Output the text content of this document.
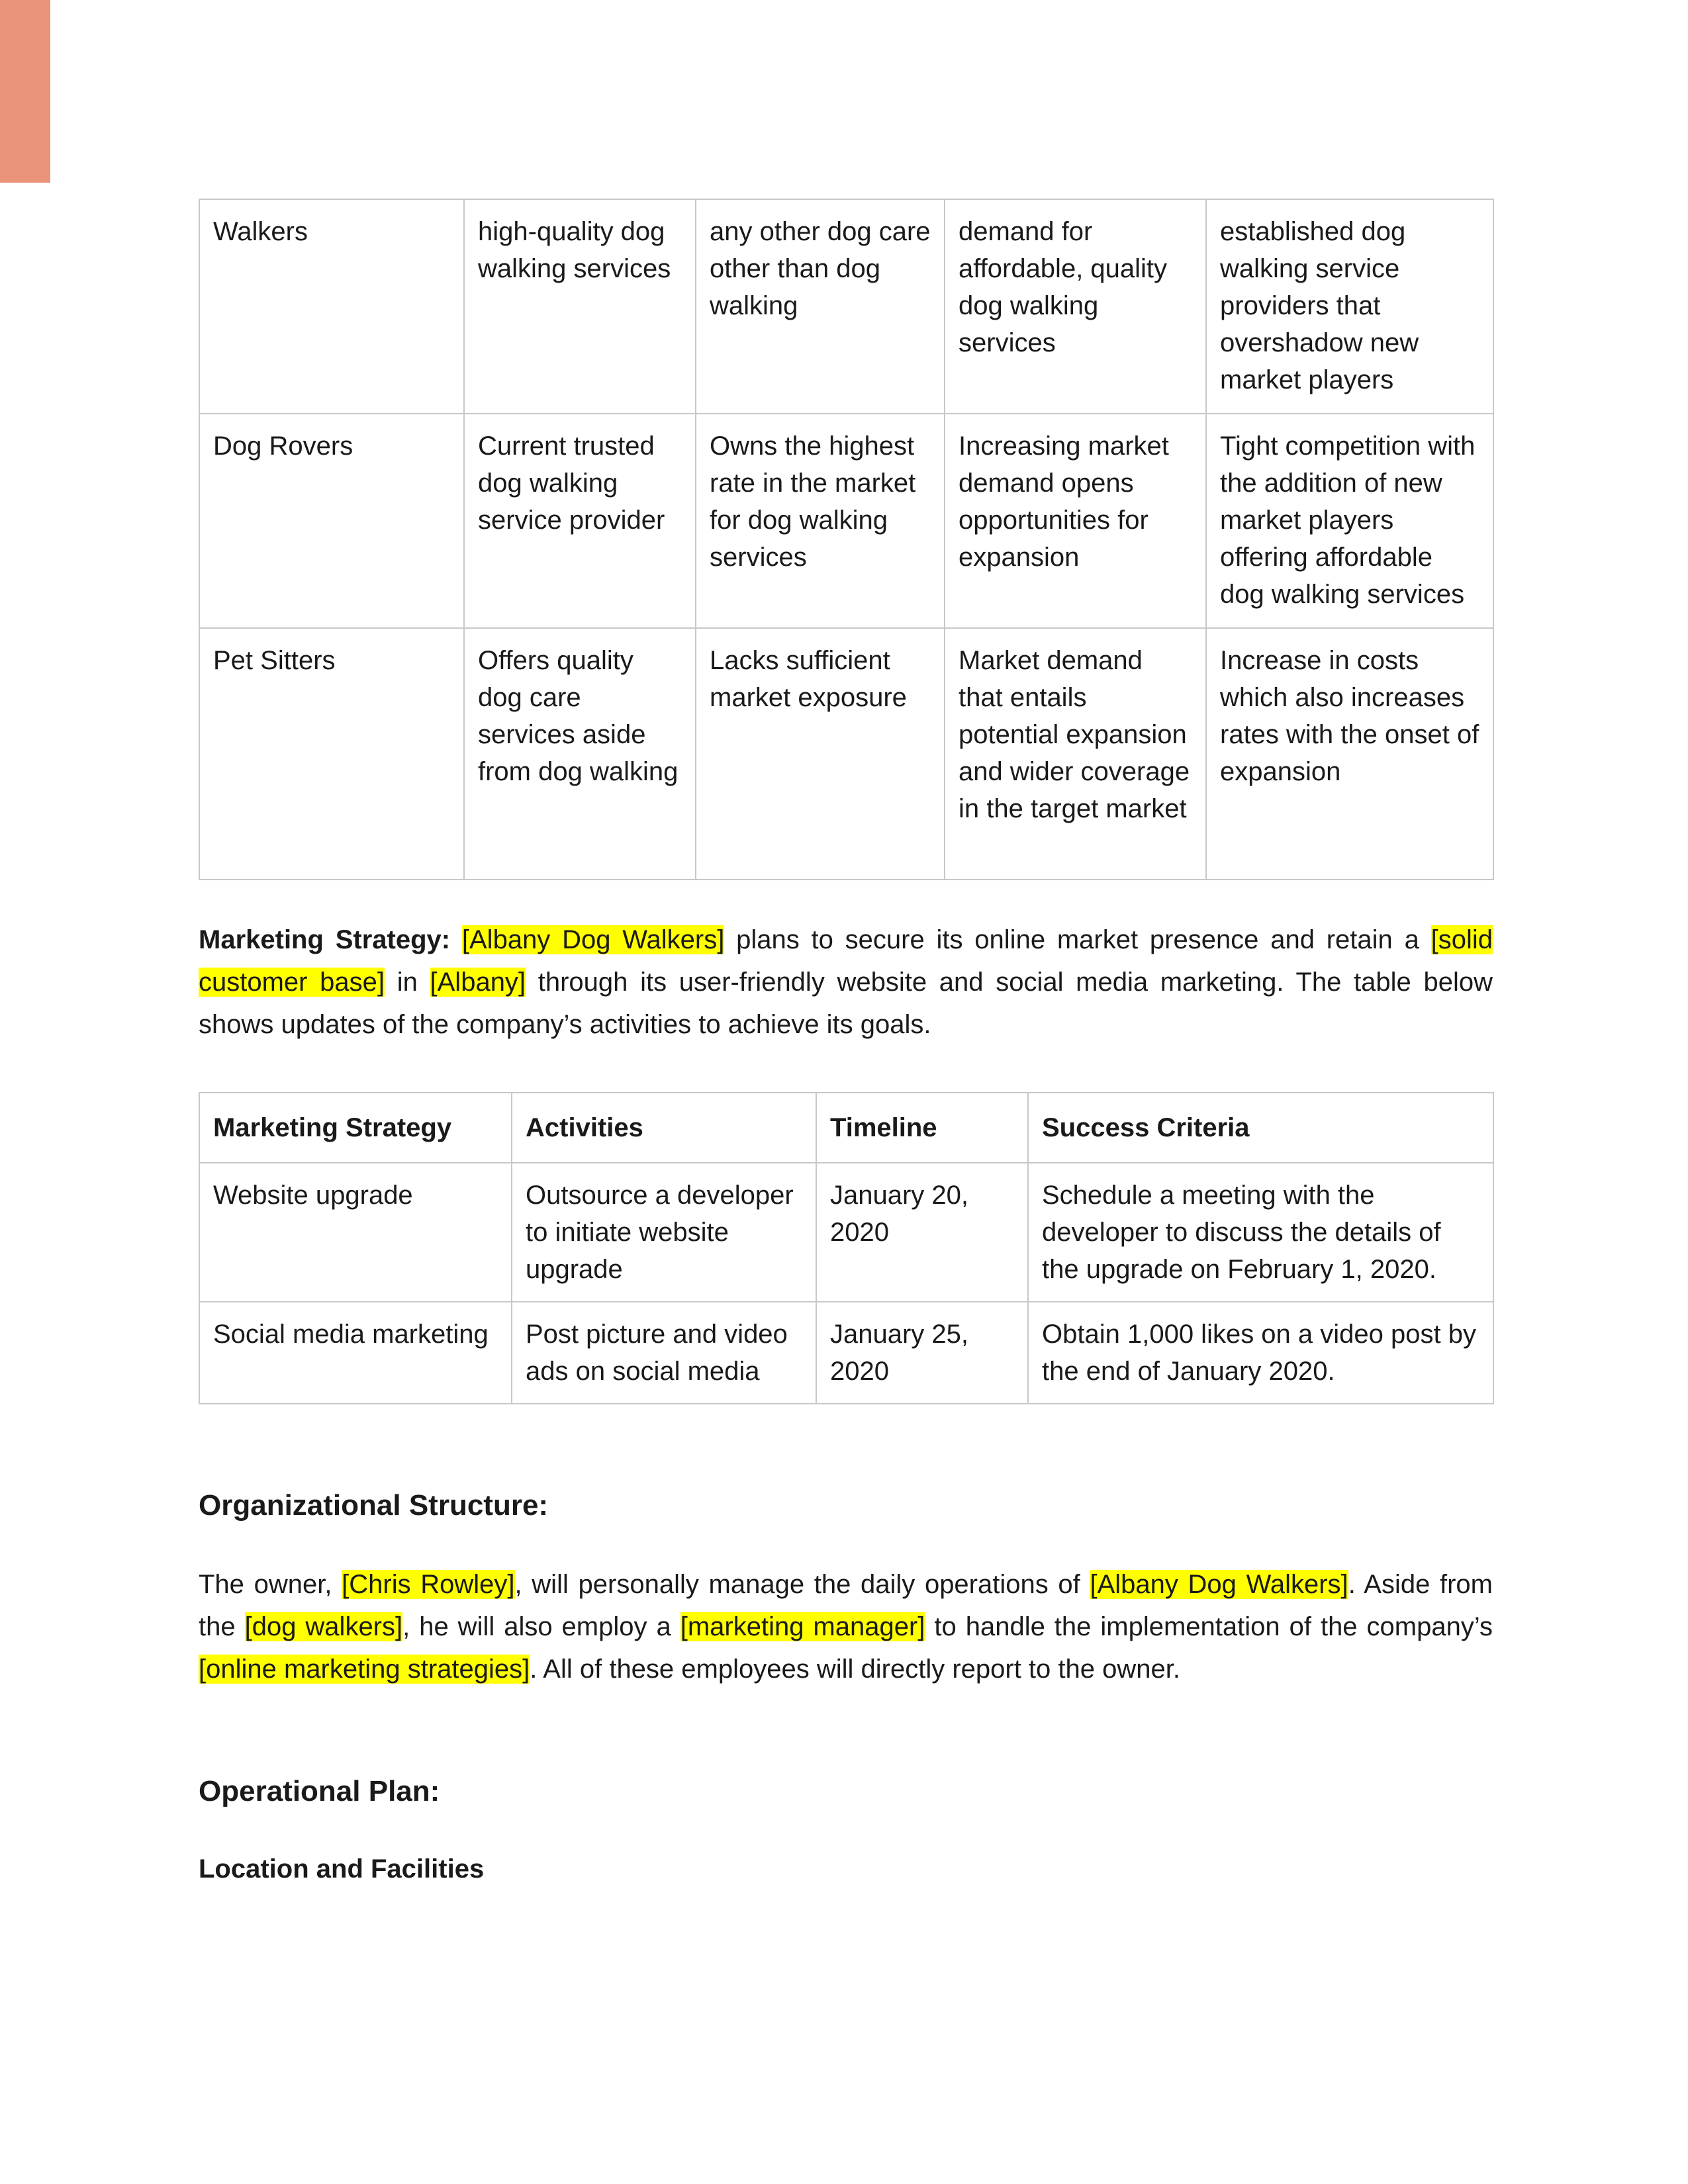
Walkers	high-quality dog walking services	any other dog care other than dog walking	demand for affordable, quality dog walking services	established dog walking service providers that overshadow new market players
Dog Rovers	Current trusted dog walking service provider	Owns the highest rate in the market for dog walking services	Increasing market demand opens opportunities for expansion	Tight competition with the addition of new market players offering affordable dog walking services
Pet Sitters	Offers quality dog care services aside from dog walking	Lacks sufficient market exposure	Market demand that entails potential expansion and wider coverage in the target market	Increase in costs which also increases rates with the onset of expansion

Marketing Strategy: [Albany Dog Walkers] plans to secure its online market presence and retain a [solid customer base] in [Albany] through its user-friendly website and social media marketing. The table below shows updates of the company’s activities to achieve its goals.

Marketing Strategy	Activities	Timeline	Success Criteria
Website upgrade	Outsource a developer to initiate website upgrade	January 20, 2020	Schedule a meeting with the developer to discuss the details of the upgrade on February 1, 2020.
Social media marketing	Post picture and video ads on social media	January 25, 2020	Obtain 1,000 likes on a video post by the end of January 2020.
Organizational Structure:

The owner, [Chris Rowley], will personally manage the daily operations of [Albany Dog Walkers]. Aside from the [dog walkers], he will also employ a [marketing manager] to handle the implementation of the company’s [online marketing strategies]. All of these employees will directly report to the owner.

Operational Plan:
Location and Facilities
